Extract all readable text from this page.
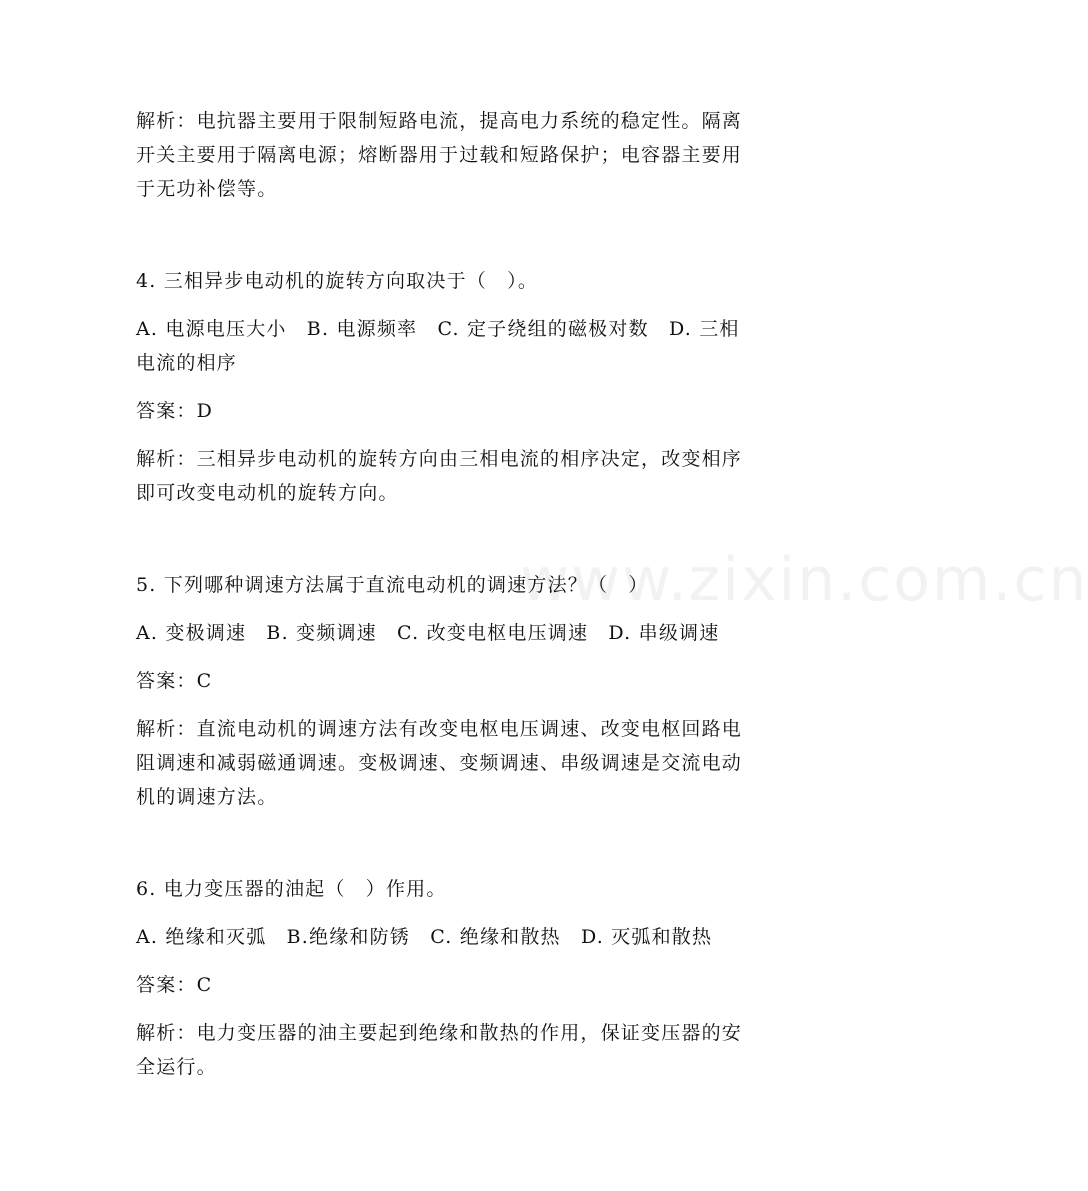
www.zixin.com.cn

解析：电抗器主要用于限制短路电流，提高电力系统的稳定性。隔离

开关主要用于隔离电源；熔断器用于过载和短路保护；电容器主要用

于无功补偿等。

4. 三相异步电动机的旋转方向取决于（　）。

A. 电源电压大小　B. 电源频率　C. 定子绕组的磁极对数　D. 三相

电流的相序

答案：D

解析：三相异步电动机的旋转方向由三相电流的相序决定，改变相序

即可改变电动机的旋转方向。

5. 下列哪种调速方法属于直流电动机的调速方法？（　）

A. 变极调速　B. 变频调速　C. 改变电枢电压调速　D. 串级调速

答案：C

解析：直流电动机的调速方法有改变电枢电压调速、改变电枢回路电

阻调速和减弱磁通调速。变极调速、变频调速、串级调速是交流电动

机的调速方法。

6. 电力变压器的油起（　）作用。

A. 绝缘和灭弧　B.绝缘和防锈　C. 绝缘和散热　D. 灭弧和散热

答案：C

解析：电力变压器的油主要起到绝缘和散热的作用，保证变压器的安

全运行。
